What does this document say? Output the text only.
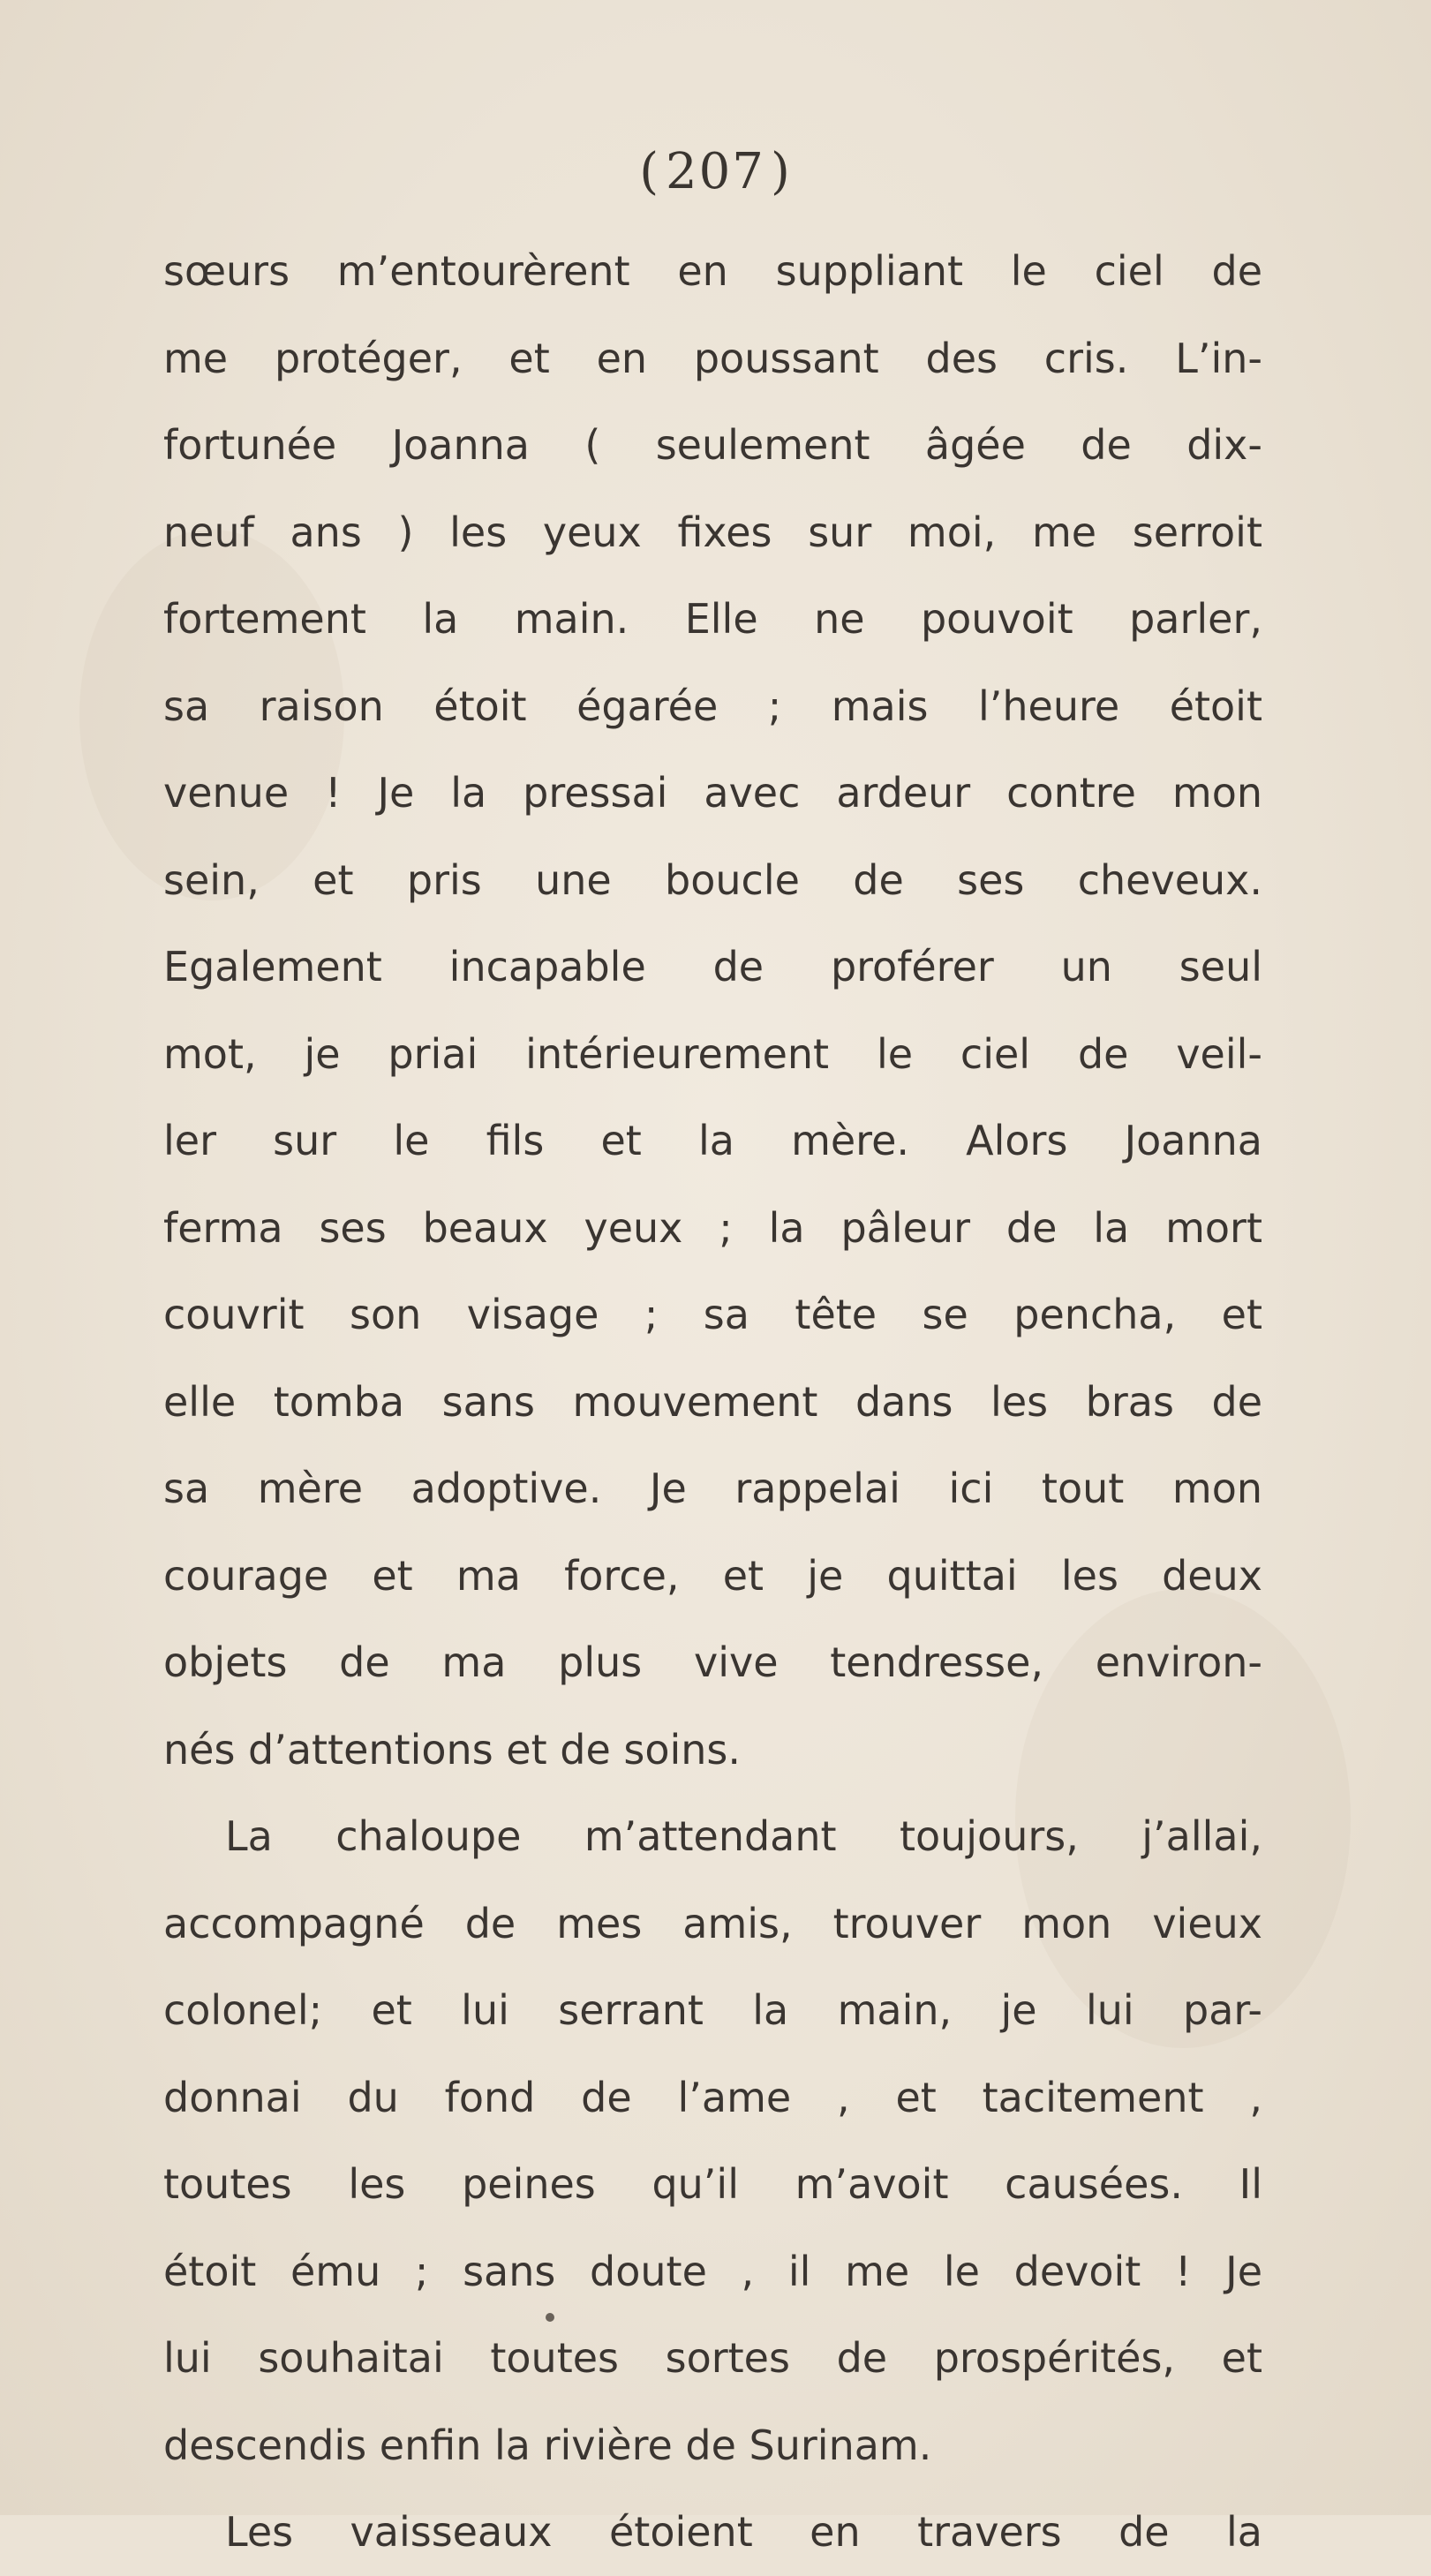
( 207 )
sœurs m’entourèrent en suppliant le ciel de
me protéger, et en poussant des cris. L’in-
fortunée Joanna ( seulement âgée de dix-
neuf ans ) les yeux fixes sur moi, me serroit
fortement la main. Elle ne pouvoit parler,
sa raison étoit égarée ; mais l’heure étoit
venue ! Je la pressai avec ardeur contre mon
sein, et pris une boucle de ses cheveux.
Egalement incapable de proférer un seul
mot, je priai intérieurement le ciel de veil-
ler sur le fils et la mère. Alors Joanna
ferma ses beaux yeux ; la pâleur de la mort
couvrit son visage ; sa tête se pencha, et
elle tomba sans mouvement dans les bras de
sa mère adoptive. Je rappelai ici tout mon
courage et ma force, et je quittai les deux
objets de ma plus vive tendresse, environ-
nés d’attentions et de soins.
La chaloupe m’attendant toujours, j’allai,
accompagné de mes amis, trouver mon vieux
colonel; et lui serrant la main, je lui par-
donnai du fond de l’ame , et tacitement ,
toutes les peines qu’il m’avoit causées. Il
étoit ému ; sans doute , il me le devoit ! Je
lui souhaitai toutes sortes de prospérités, et
descendis enfin la rivière de Surinam.
Les vaisseaux étoient en travers de la
